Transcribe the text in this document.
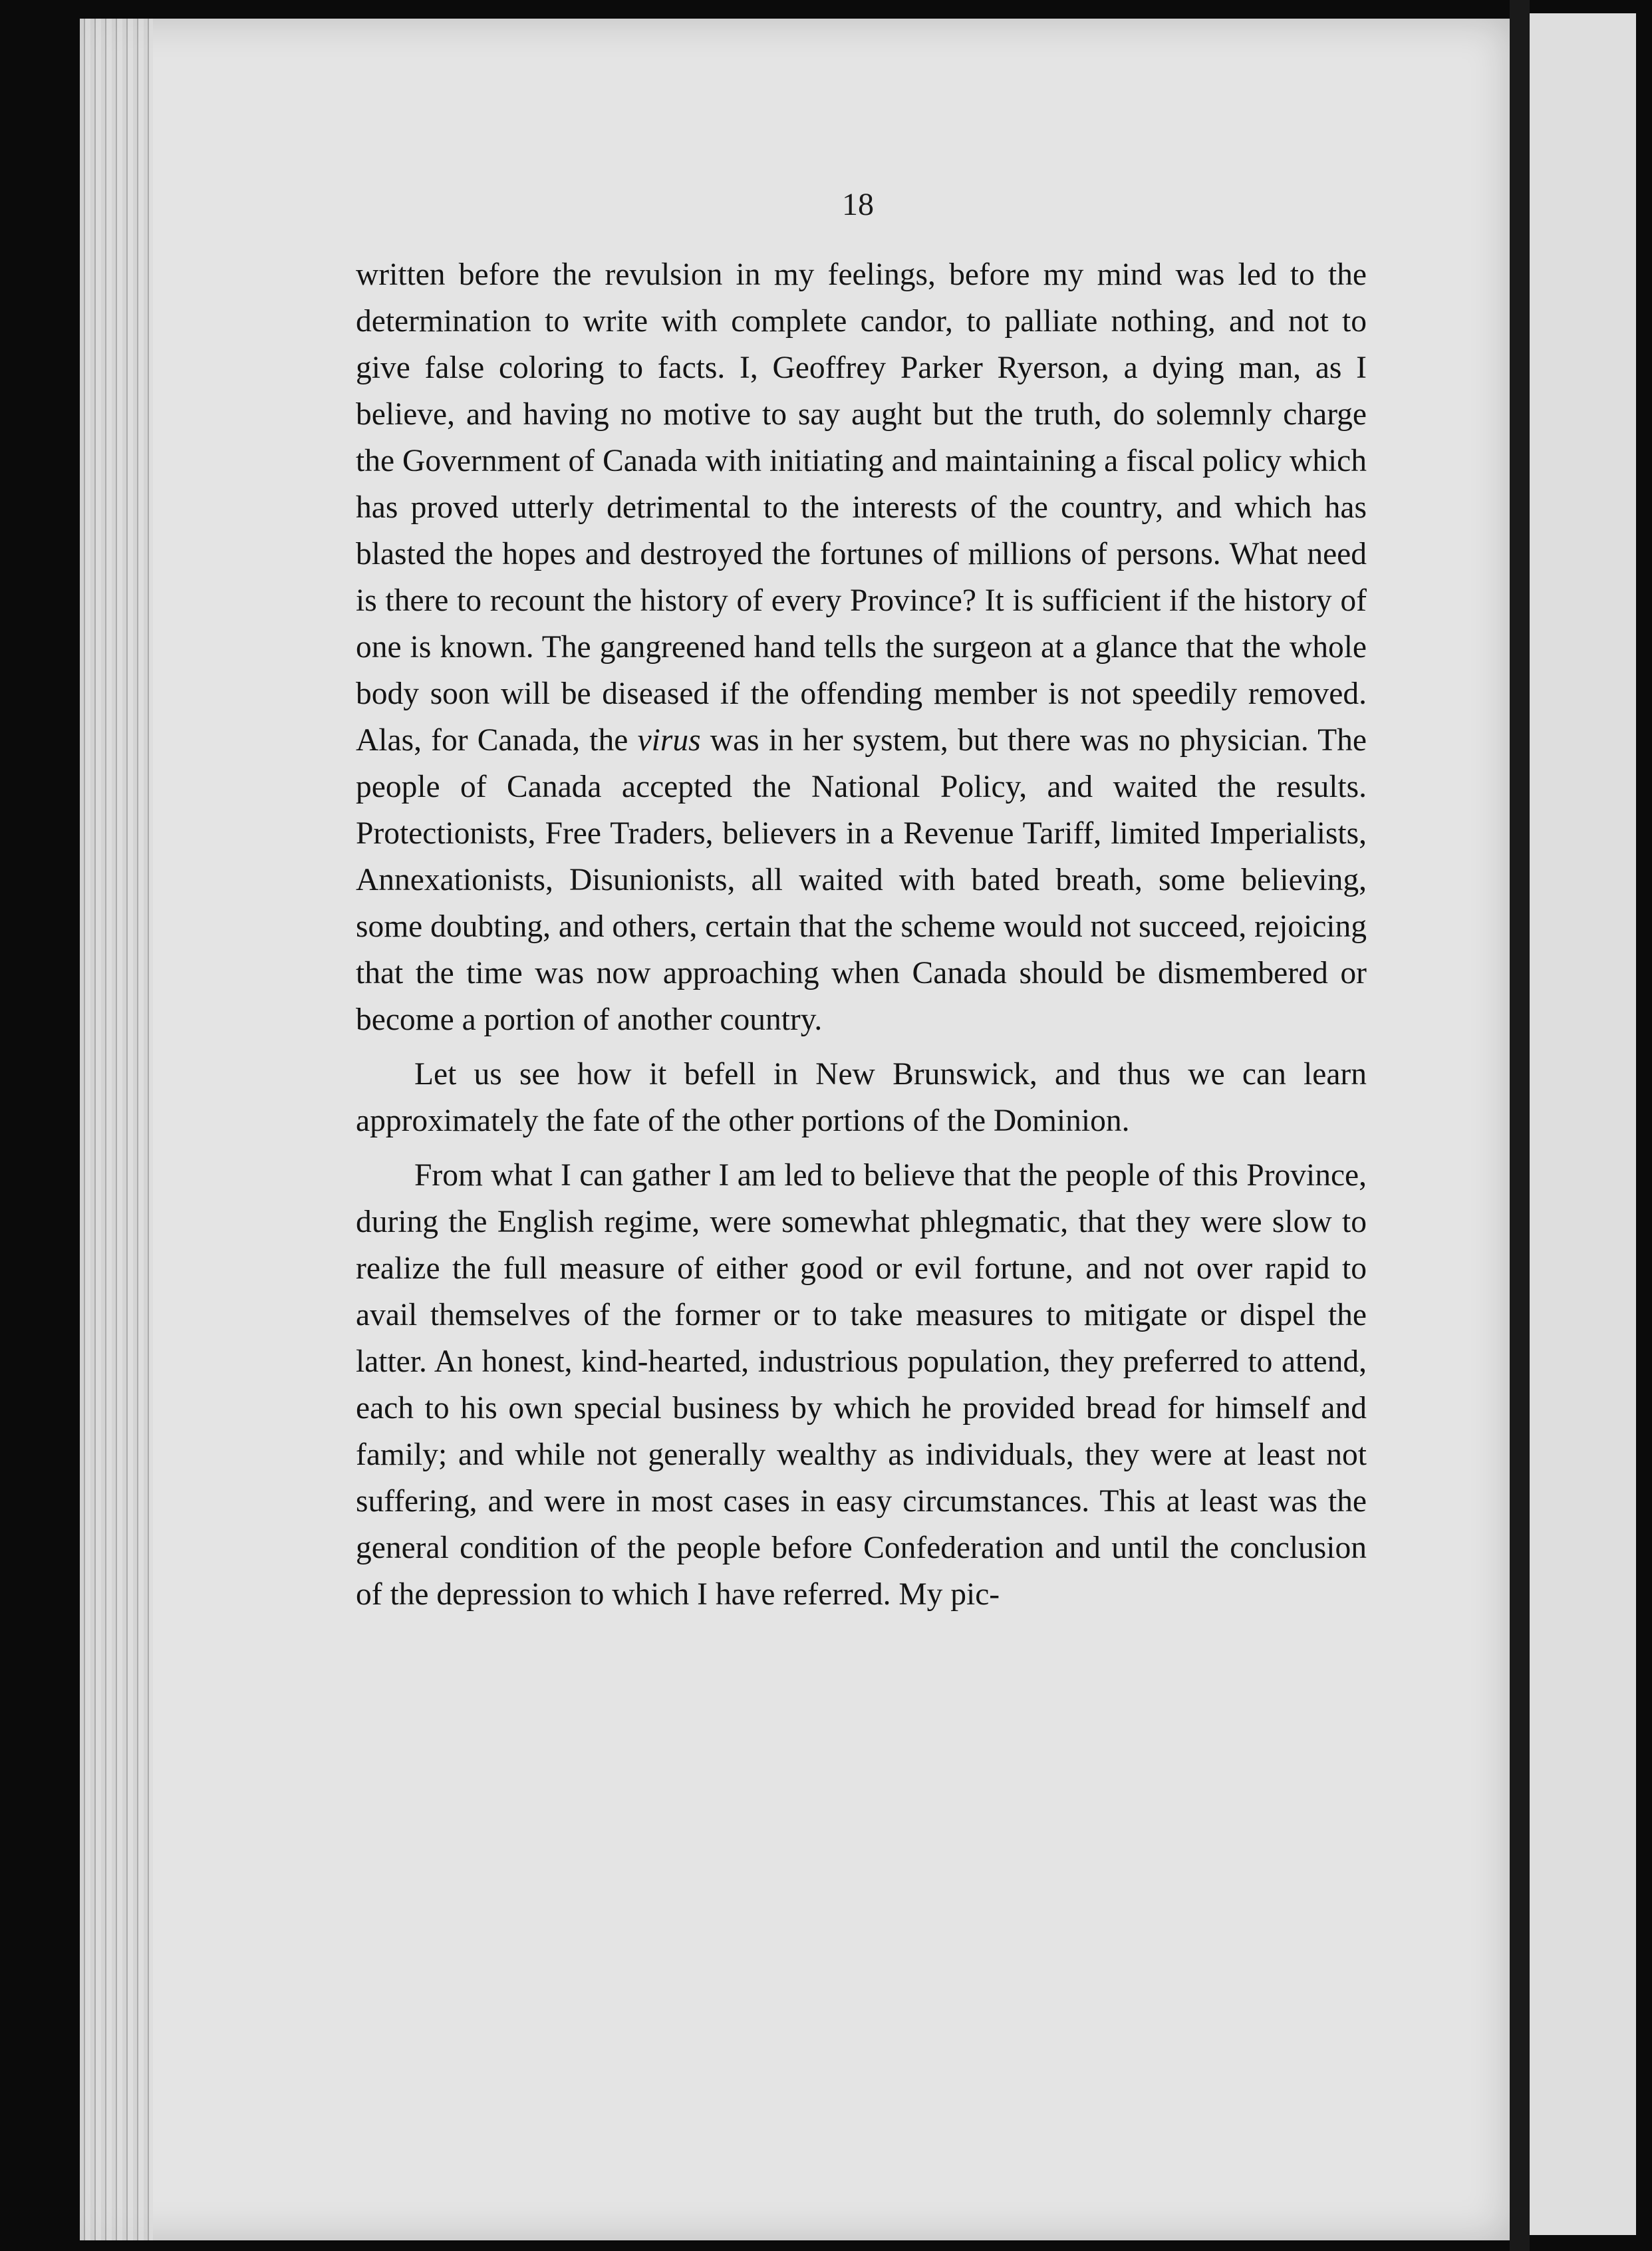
18

written before the revulsion in my feelings, before my mind was led to the determination to write with complete candor, to palliate nothing, and not to give false coloring to facts. I, Geoffrey Parker Ryerson, a dying man, as I believe, and having no motive to say aught but the truth, do solemnly charge the Government of Canada with initiating and maintaining a fiscal policy which has proved utterly detrimental to the interests of the country, and which has blasted the hopes and destroyed the fortunes of millions of persons. What need is there to recount the history of every Province? It is sufficient if the history of one is known. The gangreened hand tells the surgeon at a glance that the whole body soon will be diseased if the offending member is not speedily removed. Alas, for Canada, the virus was in her system, but there was no physician. The people of Canada accepted the National Policy, and waited the results. Protectionists, Free Traders, believers in a Revenue Tariff, limited Imperialists, Annexationists, Disunionists, all waited with bated breath, some believing, some doubting, and others, certain that the scheme would not succeed, rejoicing that the time was now approaching when Canada should be dismembered or become a portion of another country.

Let us see how it befell in New Brunswick, and thus we can learn approximately the fate of the other portions of the Dominion.

From what I can gather I am led to believe that the people of this Province, during the English regime, were somewhat phlegmatic, that they were slow to realize the full measure of either good or evil fortune, and not over rapid to avail themselves of the former or to take measures to mitigate or dispel the latter. An honest, kind-hearted, industrious population, they preferred to attend, each to his own special business by which he provided bread for himself and family; and while not generally wealthy as individuals, they were at least not suffering, and were in most cases in easy circumstances. This at least was the general condition of the people before Confederation and until the conclusion of the depression to which I have referred. My pic-
